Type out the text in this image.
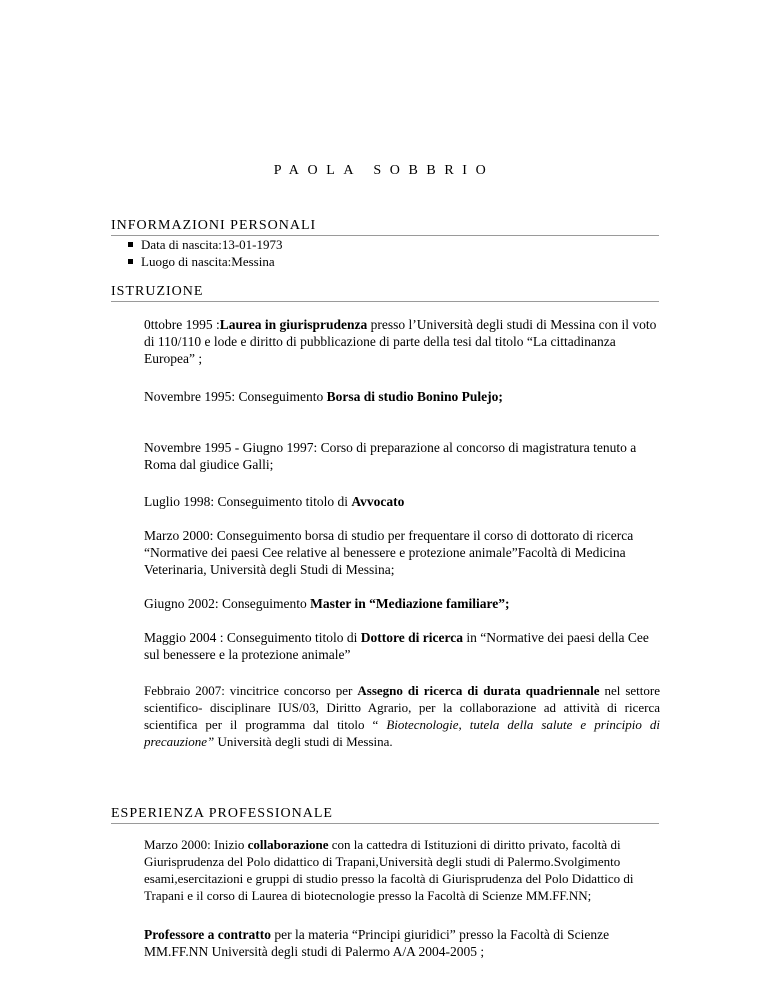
PAOLA SOBBRIO
INFORMAZIONI PERSONALI
Data di nascita:13-01-1973
Luogo di nascita:Messina
ISTRUZIONE

0ttobre 1995 :Laurea in giurisprudenza presso l’Università degli studi di Messina con il voto di 110/110 e lode e diritto di pubblicazione di parte della tesi dal titolo “La cittadinanza Europea” ;

Novembre 1995: Conseguimento Borsa di studio Bonino Pulejo;

Novembre 1995 - Giugno 1997: Corso di preparazione al concorso di magistratura tenuto a Roma dal giudice Galli;

Luglio 1998: Conseguimento titolo di Avvocato

Marzo 2000: Conseguimento borsa di studio per frequentare il corso di dottorato di ricerca “Normative dei paesi Cee relative al benessere e protezione animale”Facoltà di Medicina Veterinaria, Università degli Studi di Messina;

Giugno 2002: Conseguimento Master in “Mediazione familiare”;

Maggio 2004 : Conseguimento titolo di Dottore di ricerca in “Normative dei paesi della Cee sul benessere e la protezione animale”

Febbraio 2007: vincitrice concorso per Assegno di ricerca di durata quadriennale nel settore scientifico- disciplinare IUS/03, Diritto Agrario, per la collaborazione ad attività di ricerca scientifica per il programma dal titolo “ Biotecnologie, tutela della salute e principio di precauzione” Università degli studi di Messina.

ESPERIENZA PROFESSIONALE

Marzo 2000: Inizio collaborazione con la cattedra di Istituzioni di diritto privato, facoltà di Giurisprudenza del Polo didattico di Trapani,Università degli studi di Palermo.Svolgimento esami,esercitazioni e gruppi di studio presso la facoltà di Giurisprudenza del Polo Didattico di Trapani e il corso di Laurea di biotecnologie presso la Facoltà di Scienze MM.FF.NN;

Professore a contratto per la materia “Principi giuridici” presso la Facoltà di Scienze MM.FF.NN Università degli studi di Palermo A/A 2004-2005 ;
